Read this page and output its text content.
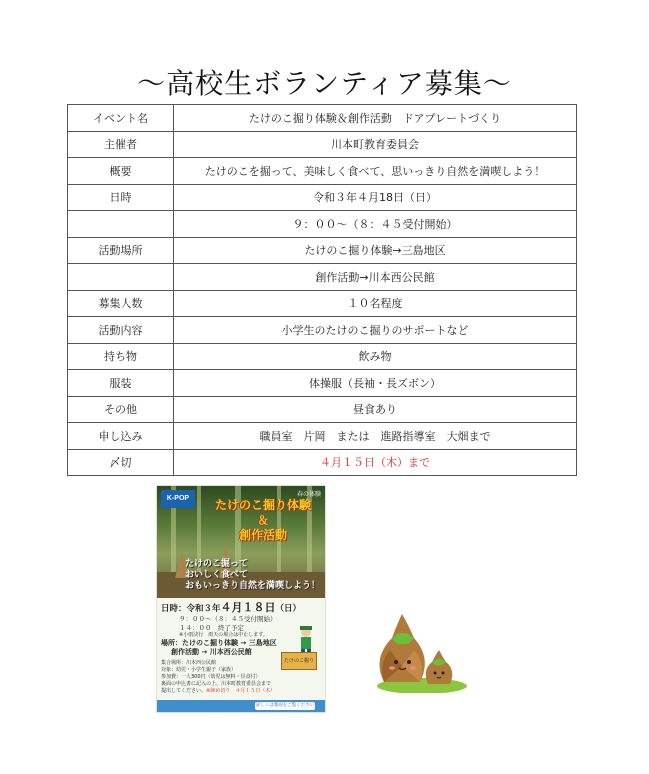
〜高校生ボランティア募集〜
イベント名	たけのこ掘り体験＆創作活動　ドアプレートづくり
主催者	川本町教育委員会
概要	たけのこを掘って、美味しく食べて、思いっきり自然を満喫しよう！
日時	令和３年４月18日（日）
	９：００～（８：４５受付開始）
活動場所	たけのこ掘り体験→三島地区
	創作活動→川本西公民館
募集人数	１０名程度
活動内容	小学生のたけのこ掘りのサポートなど
持ち物	飲み物
服装	体操服（長袖・長ズボン）
その他	昼食あり
申し込み	職員室　片岡　または　進路指導室　大畑まで
〆切	４月１５日（木）まで
K-POP
春の体験
たけのこ掘り体験
＆
創作活動
たけのこ掘って
おいしく食べて
おもいっきり自然を満喫しよう！
日時：令和３年４月１８日（日）
９：００～（８：４５受付開始）
１４：００　終了予定
※小雨決行　雨天の場合は中止します。
場所：たけのこ掘り体験 → 三島地区
創作活動 → 川本西公民館
集合場所：川本西公民館
対象：幼児・小学生親子（家族）
参加費：一人300円（幼児は無料・昼食付）
裏面の申込書に記入の上、川本町教育委員会まで
提出してください。※締め切り　４月１５日（木）
たけのこ掘り
詳しくは裏面をご覧ください
